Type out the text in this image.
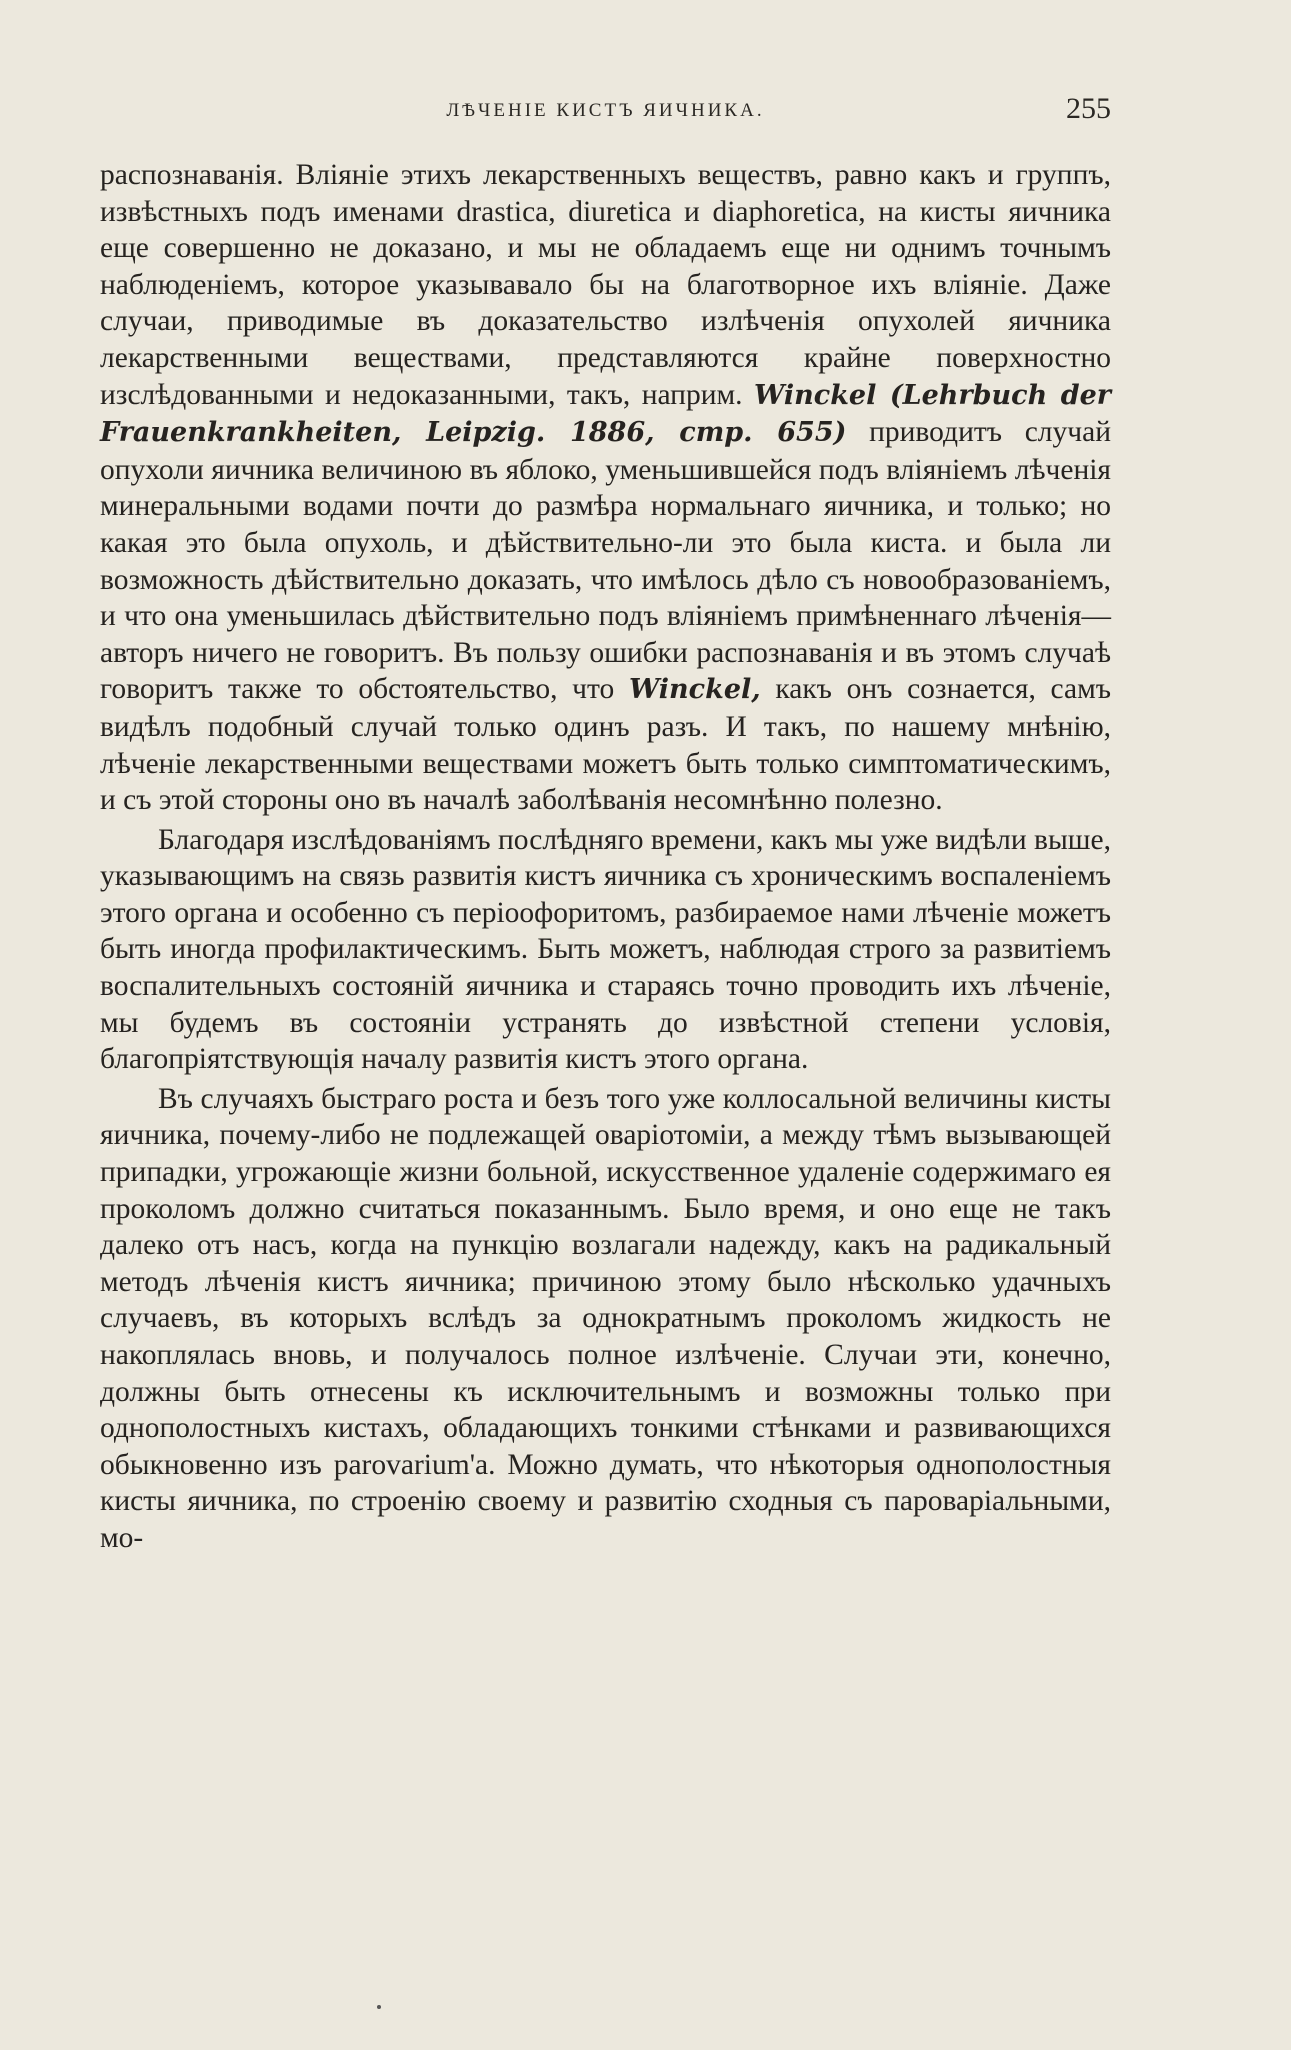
ЛѢЧЕНІЕ КИСТЪ ЯИЧНИКА.	255

распознаванія. Вліяніе этихъ лекарственныхъ веществъ, равно какъ и группъ, извѣстныхъ подъ именами drastica, diuretica и diaphoretica, на кисты яичника еще совершенно не доказано, и мы не обладаемъ еще ни однимъ точнымъ наблюденіемъ, которое указывавало бы на благотворное ихъ вліяніе. Даже случаи, приводимые въ доказательство излѣченія опухолей яичника лекарственными веществами, представляются крайне поверхностно изслѣдованными и недоказанными, такъ, наприм. Winckel (Lehrbuch der Frauenkrankheiten, Leipzig. 1886, стр. 655) приводитъ случай опухоли яичника величиною въ яблоко, уменьшившейся подъ вліяніемъ лѣченія минеральными водами почти до размѣра нормальнаго яичника, и только; но какая это была опухоль, и дѣйствительно-ли это была киста. и была ли возможность дѣйствительно доказать, что имѣлось дѣло съ новообразованіемъ, и что она уменьшилась дѣйствительно подъ вліяніемъ примѣненнаго лѣченія—авторъ ничего не говоритъ. Въ пользу ошибки распознаванія и въ этомъ случаѣ говоритъ также то обстоятельство, что Winckel, какъ онъ сознается, самъ видѣлъ подобный случай только одинъ разъ. И такъ, по нашему мнѣнію, лѣченіе лекарственными веществами можетъ быть только симптоматическимъ, и съ этой стороны оно въ началѣ заболѣванія несомнѣнно полезно.

Благодаря изслѣдованіямъ послѣдняго времени, какъ мы уже видѣли выше, указывающимъ на связь развитія кистъ яичника съ хроническимъ воспаленіемъ этого органа и особенно съ періоофоритомъ, разбираемое нами лѣченіе можетъ быть иногда профилактическимъ. Быть можетъ, наблюдая строго за развитіемъ воспалительныхъ состояній яичника и стараясь точно проводить ихъ лѣченіе, мы будемъ въ состояніи устранять до извѣстной степени условія, благопріятствующія началу развитія кистъ этого органа.

Въ случаяхъ быстраго роста и безъ того уже коллосальной величины кисты яичника, почему-либо не подлежащей оваріотоміи, а между тѣмъ вызывающей припадки, угрожающіе жизни больной, искусственное удаленіе содержимаго ея проколомъ должно считаться показаннымъ. Было время, и оно еще не такъ далеко отъ насъ, когда на пункцію возлагали надежду, какъ на радикальный методъ лѣченія кистъ яичника; причиною этому было нѣсколько удачныхъ случаевъ, въ которыхъ вслѣдъ за однократнымъ проколомъ жидкость не накоплялась вновь, и получалось полное излѣченіе. Случаи эти, конечно, должны быть отнесены къ исключительнымъ и возможны только при однополостныхъ кистахъ, обладающихъ тонкими стѣнками и развивающихся обыкновенно изъ parovarium'а. Можно думать, что нѣкоторыя однополостныя кисты яичника, по строенію своему и развитію сходныя съ пароваріальными, мо-
